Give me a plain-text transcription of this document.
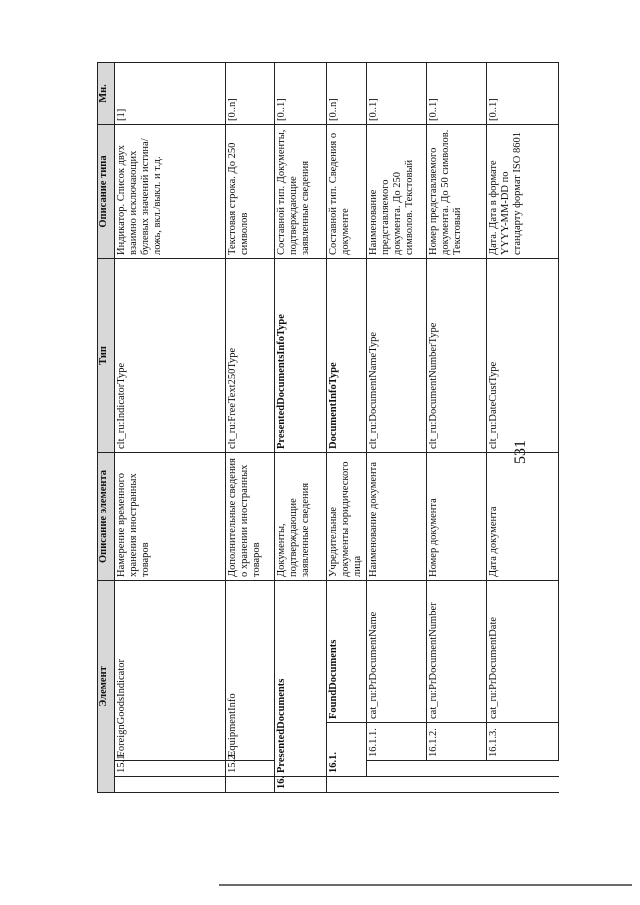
531
Элемент				Описание элемента	Тип	Описание типа	Мн.
	15.1.	ForeignGoodsIndicator		Намерение временного хранения иностранных товаров	clt_ru:IndicatorType	Индикатор. Список двух взаимно исключающих булевых значений истина/ложь, вкл./выкл. и т.д.	[1]
	15.2.	EquipmentInfo		Дополнительные сведения о хранении иностранных товаров	clt_ru:FreeText250Type	Текстовая строка. До 250 символов	[0..n]
16.	PresentedDocuments			Документы, подтверждающие заявленные сведения	PresentedDocumentsInfoType	Составной тип. Документы, подтверждающие заявленные сведения	[0..1]
	16.1.		FoundDocuments	Учредительные документы юридического лица	DocumentInfoType	Составной тип. Сведения о документе	[0..n]
		16.1.1.	cat_ru:PrDocumentName	Наименование документа	clt_ru:DocumentNameType	Наименование представляемого документа. До 250 символов. Текстовый	[0..1]
		16.1.2.	cat_ru:PrDocumentNumber	Номер документа	clt_ru:DocumentNumberType	Номер представляемого документа. До 50 символов. Текстовый	[0..1]
		16.1.3.	cat_ru:PrDocumentDate	Дата документа	clt_ru:DateCustType	Дата. Дата в формате YYYY-MM-DD по стандарту формат ISO 8601	[0..1]
